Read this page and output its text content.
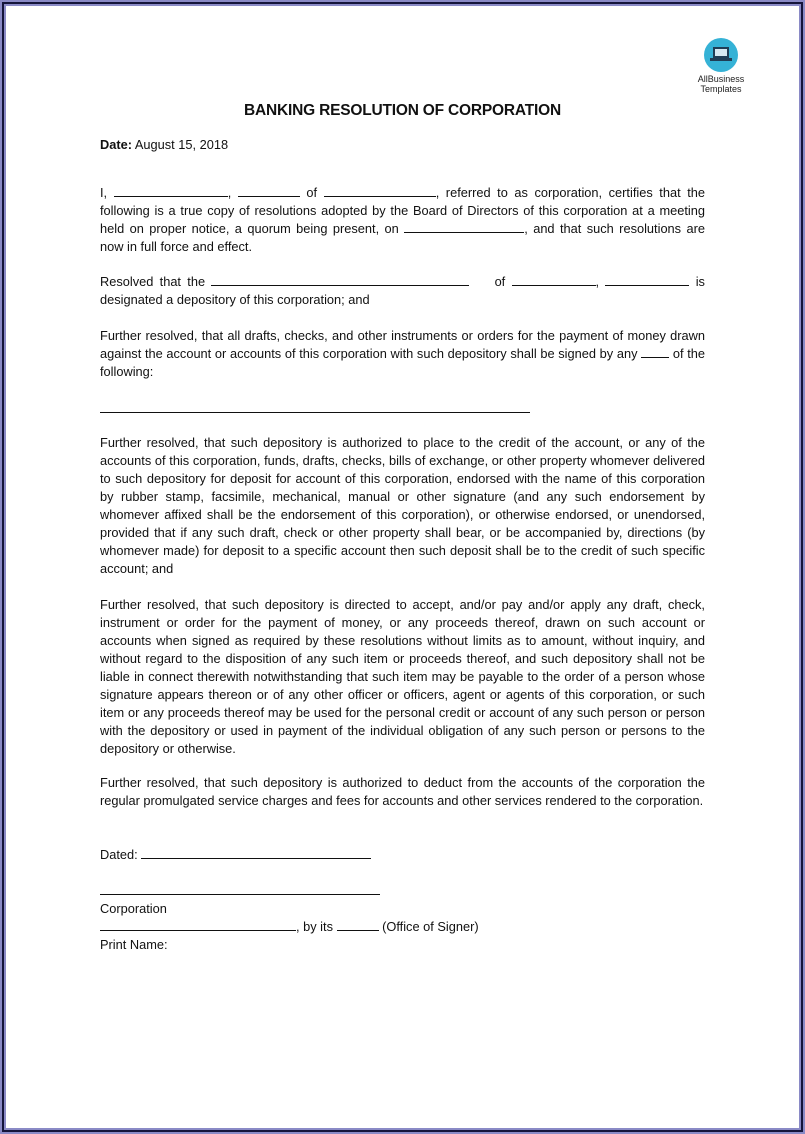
AllBusiness
Templates
BANKING RESOLUTION OF CORPORATION
Date: August 15, 2018
I,	,	of	, referred to as corporation, certifies that the following is a true copy of resolutions adopted by the Board of Directors of this corporation at a meeting held on proper notice, a quorum being present, on	, and that such resolutions are now in full force and effect.
Resolved that the	of	,	is designated a depository of this corporation; and
Further resolved, that all drafts, checks, and other instruments or orders for the payment of money drawn against the account or accounts of this corporation with such depository shall be signed by any	of the following:
Further resolved, that such depository is authorized to place to the credit of the account, or any of the accounts of this corporation, funds, drafts, checks, bills of exchange, or other property whomever delivered to such depository for deposit for account of this corporation, endorsed with the name of this corporation by rubber stamp, facsimile, mechanical, manual or other signature (and any such endorsement by whomever affixed shall be the endorsement of this corporation), or otherwise endorsed, or unendorsed, provided that if any such draft, check or other property shall bear, or be accompanied by, directions (by whomever made) for deposit to a specific account then such deposit shall be to the credit of such specific account; and
Further resolved, that such depository is directed to accept, and/or pay and/or apply any draft, check, instrument or order for the payment of money, or any proceeds thereof, drawn on such account or accounts when signed as required by these resolutions without limits as to amount, without inquiry, and without regard to the disposition of any such item or proceeds thereof, and such depository shall not be liable in connect therewith notwithstanding that such item may be payable to the order of a person whose signature appears thereon or of any other officer or officers, agent or agents of this corporation, or such item or any proceeds thereof may be used for the personal credit or account of any such person or person with the depository or used in payment of the individual obligation of any such person or persons to the depository or otherwise.
Further resolved, that such depository is authorized to deduct from the accounts of the corporation the regular promulgated service charges and fees for accounts and other services rendered to the corporation.
Dated:
Corporation
, by its	(Office of Signer)
Print Name:
